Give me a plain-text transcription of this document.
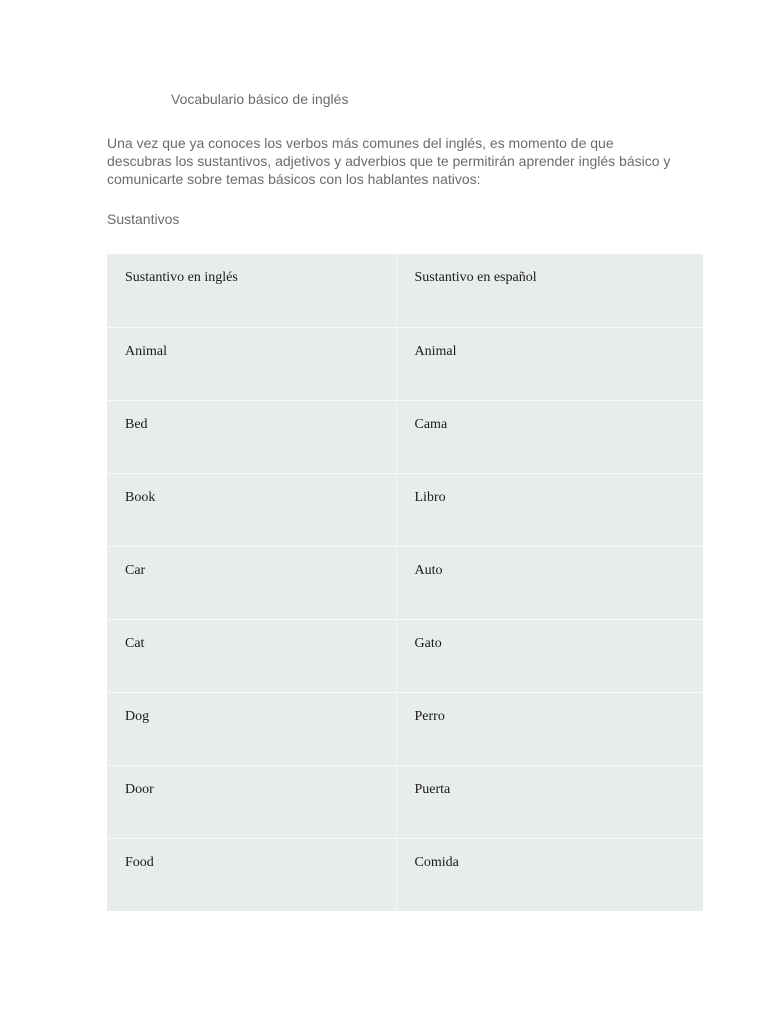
Vocabulario básico de inglés
Una vez que ya conoces los verbos más comunes del inglés, es momento de que descubras los sustantivos, adjetivos y adverbios que te permitirán aprender inglés básico y comunicarte sobre temas básicos con los hablantes nativos:
Sustantivos
Sustantivo en inglés	Sustantivo en español
Animal	Animal
Bed	Cama
Book	Libro
Car	Auto
Cat	Gato
Dog	Perro
Door	Puerta
Food	Comida
